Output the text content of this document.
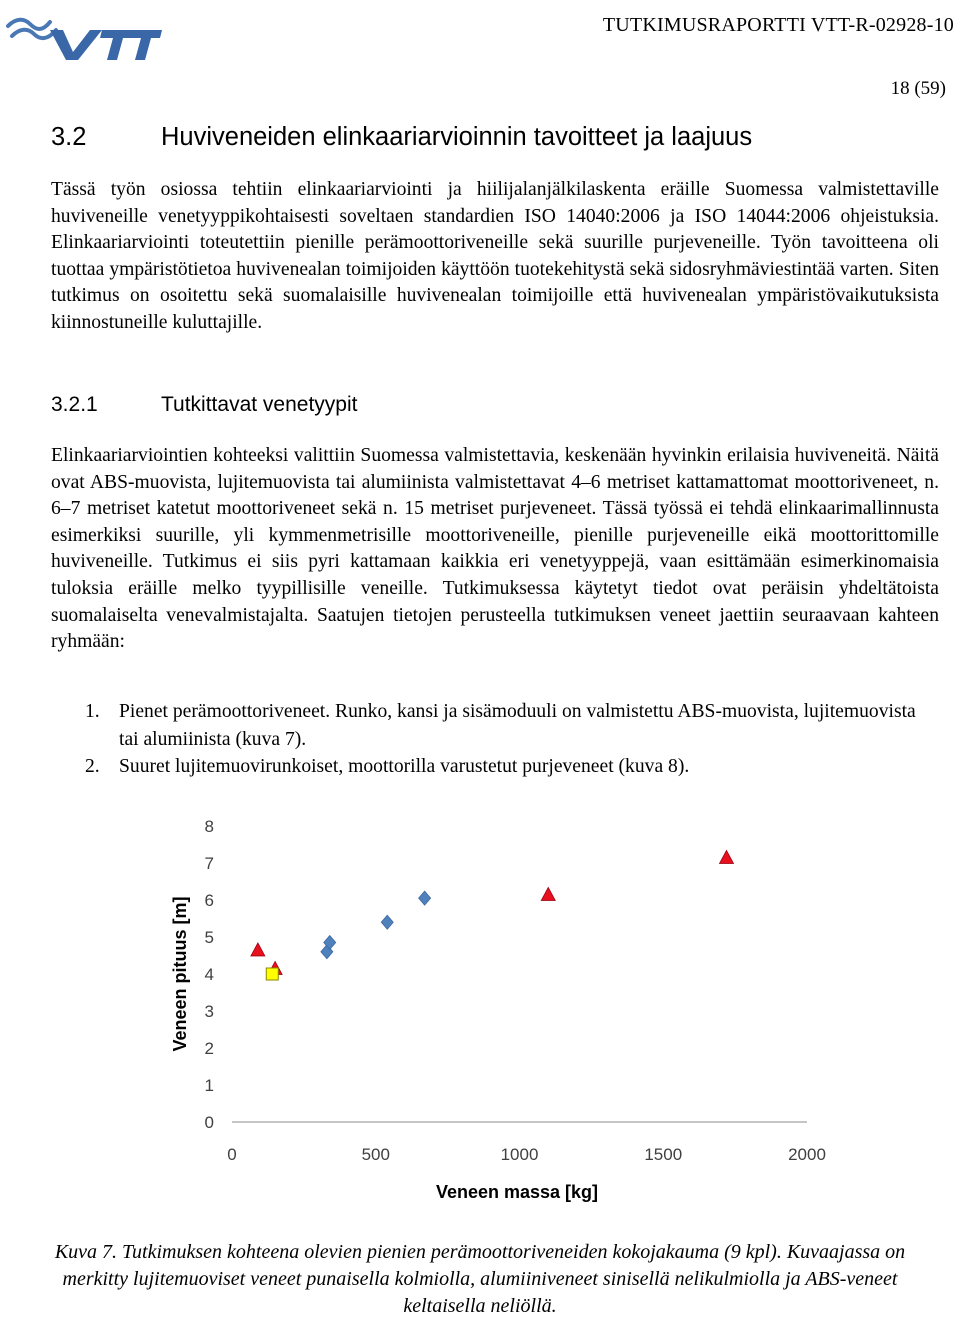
TUTKIMUSRAPORTTI VTT-R-02928-10
18 (59)
3.2	Huviveneiden elinkaariarvioinnin tavoitteet ja laajuus

Tässä työn osiossa tehtiin elinkaariarviointi ja hiilijalanjälkilaskenta eräille Suomessa valmistettaville huviveneille venetyyppikohtaisesti soveltaen standardien ISO 14040:2006 ja ISO 14044:2006 ohjeistuksia. Elinkaariarviointi toteutettiin pienille perämoottoriveneille sekä suurille purjeveneille. Työn tavoitteena oli tuottaa ympäristötietoa huvivenealan toimijoiden käyttöön tuotekehitystä sekä sidosryhmäviestintää varten. Siten tutkimus on osoitettu sekä suomalaisille huvivenealan toimijoille että huvivenealan ympäristövaikutuksista kiinnostuneille kuluttajille.

3.2.1	Tutkittavat venetyypit

Elinkaariarviointien kohteeksi valittiin Suomessa valmistettavia, keskenään hyvinkin erilaisia huviveneitä. Näitä ovat ABS-muovista, lujitemuovista tai alumiinista valmistettavat 4–6 metriset kattamattomat moottoriveneet, n. 6–7 metriset katetut moottoriveneet sekä n. 15 metriset purjeveneet. Tässä työssä ei tehdä elinkaarimallinnusta esimerkiksi suurille, yli kymmenmetrisille moottoriveneille, pienille purjeveneille eikä moottorittomille huviveneille. Tutkimus ei siis pyri kattamaan kaikkia eri venetyyppejä, vaan esittämään esimerkinomaisia tuloksia eräille melko tyypillisille veneille. Tutkimuksessa käytetyt tiedot ovat peräisin yhdeltätoista suomalaiselta venevalmistajalta. Saatujen tietojen perusteella tutkimuksen veneet jaettiin seuraavaan kahteen ryhmään:

1. Pienet perämoottoriveneet. Runko, kansi ja sisämoduuli on valmistettu ABS-muovista, lujitemuovista tai alumiinista (kuva 7).
2. Suuret lujitemuovirunkoiset, moottorilla varustetut purjeveneet (kuva 8).
0
1
2
3
4
5
6
7
8
0	500	1000	1500	2000
Veneen pituus [m]
Veneen massa [kg]
Kuva 7. Tutkimuksen kohteena olevien pienien perämoottoriveneiden kokojakauma (9 kpl). Kuvaajassa on merkitty lujitemuoviset veneet punaisella kolmiolla, alumiiniveneet sinisellä nelikulmiolla ja ABS-veneet keltaisella neliöllä.
